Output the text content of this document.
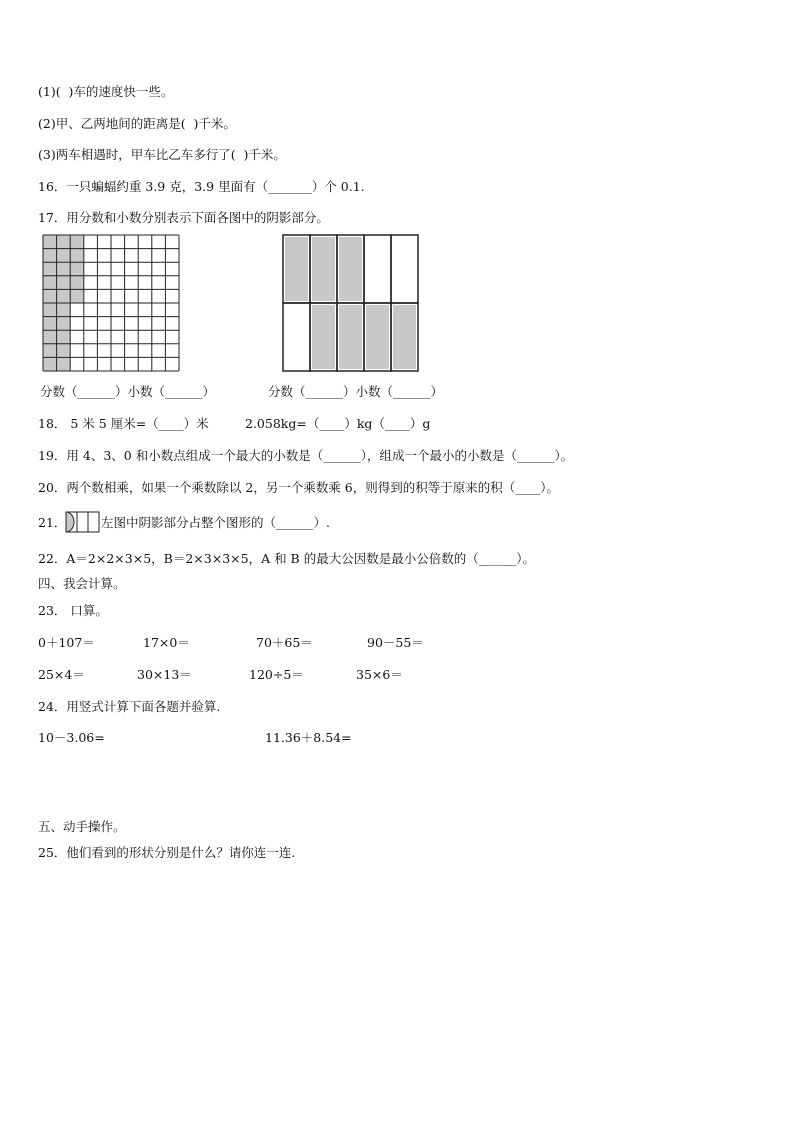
(1)(  )车的速度快一些。
(2)甲、乙两地间的距离是(  )千米。
(3)两车相遇时，甲车比乙车多行了(  )千米。
16．一只蝙蝠约重 3.9 克，3.9 里面有（_______）个 0.1.
17．用分数和小数分别表示下面各图中的阴影部分。
分数（______）小数（______）	分数（______）小数（______）
18． 5 米 5 厘米=（____）米	2.058kg=（____）kg（____）g
19．用 4、3、0 和小数点组成一个最大的小数是（______），组成一个最小的小数是（______）。
20．两个数相乘，如果一个乘数除以 2，另一个乘数乘 6，则得到的积等于原来的积（____）。
21．	左图中阴影部分占整个图形的（______）.
22．A＝2×2×3×5，B＝2×3×3×5，A 和 B 的最大公因数是最小公倍数的（______）。
四、我会计算。
23． 口算。
0＋107＝	17×0＝	70＋65＝	90－55＝
25×4＝	30×13＝	120÷5＝	35×6＝
24．用竖式计算下面各题并验算.
10－3.06=	11.36＋8.54=
五、动手操作。
25．他们看到的形状分别是什么？请你连一连.
